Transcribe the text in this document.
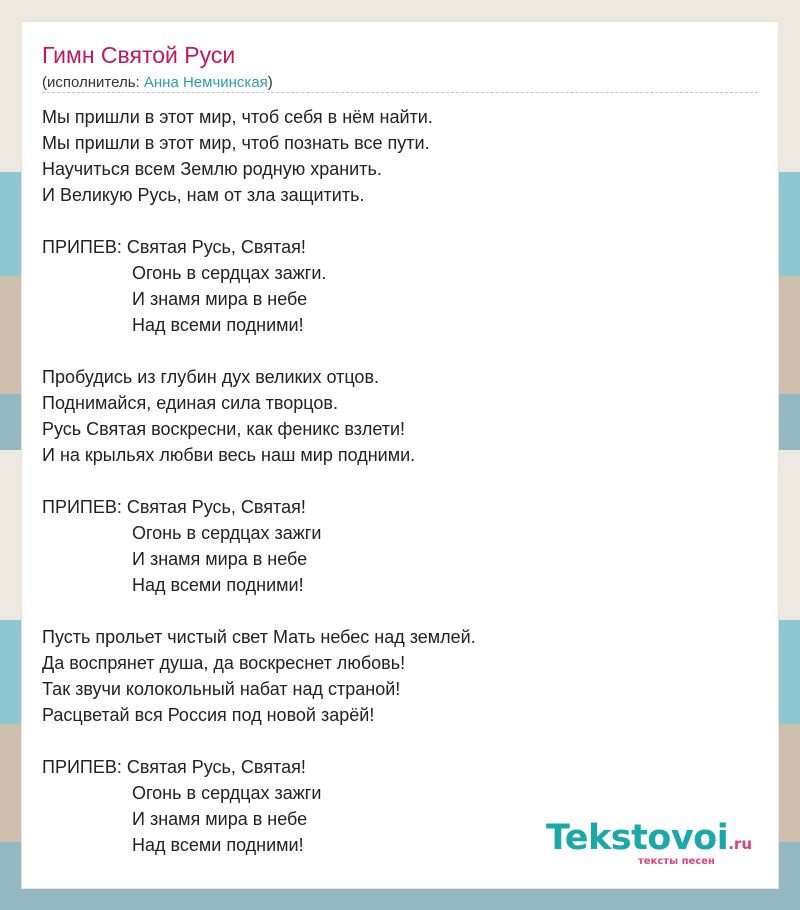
Гимн Святой Руси
(исполнитель: Анна Немчинская)
Мы пришли в этот мир, чтоб себя в нём найти.
Мы пришли в этот мир, чтоб познать все пути.
Научиться всем Землю родную хранить.
И Великую Русь, нам от зла защитить.
ПРИПЕВ: Святая Русь, Святая!
Огонь в сердцах зажги.
И знамя мира в небе
Над всеми подними!
Пробудись из глубин дух великих отцов.
Поднимайся, единая сила творцов.
Русь Святая воскресни, как феникс взлети!
И на крыльях любви весь наш мир подними.
ПРИПЕВ: Святая Русь, Святая!
Огонь в сердцах зажги
И знамя мира в небе
Над всеми подними!
Пусть прольет чистый свет Мать небес над землей.
Да воспрянет душа, да воскреснет любовь!
Так звучи колокольный набат над страной!
Расцветай вся Россия под новой зарёй!
ПРИПЕВ: Святая Русь, Святая!
Огонь в сердцах зажги
И знамя мира в небе
Над всеми подними!	Tekstovoi.ru
тексты песен
